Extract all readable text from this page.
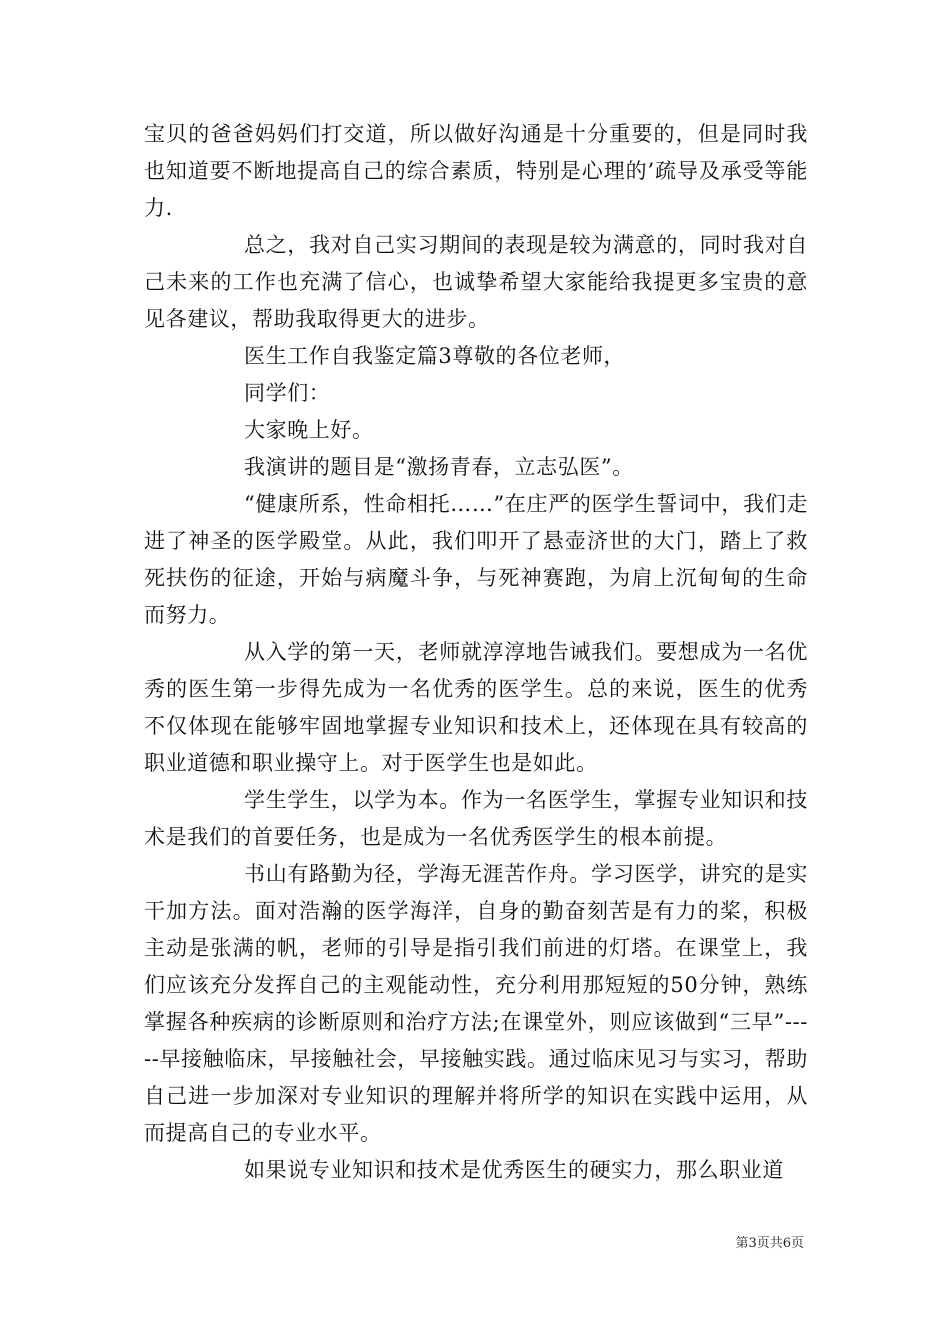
宝贝的爸爸妈妈们打交道，所以做好沟通是十分重要的，但是同时我也知道要不断地提高自己的综合素质，特别是心理的’疏导及承受等能力.

总之，我对自己实习期间的表现是较为满意的，同时我对自己未来的工作也充满了信心，也诚挚希望大家能给我提更多宝贵的意见各建议，帮助我取得更大的进步。

医生工作自我鉴定篇3尊敬的各位老师，

同学们：

大家晚上好。

我演讲的题目是“激扬青春，立志弘医”。

“健康所系，性命相托……”在庄严的医学生誓词中，我们走进了神圣的医学殿堂。从此，我们叩开了悬壶济世的大门，踏上了救死扶伤的征途，开始与病魔斗争，与死神赛跑，为肩上沉甸甸的生命而努力。

从入学的第一天，老师就淳淳地告诫我们。要想成为一名优秀的医生第一步得先成为一名优秀的医学生。总的来说，医生的优秀不仅体现在能够牢固地掌握专业知识和技术上，还体现在具有较高的职业道德和职业操守上。对于医学生也是如此。

学生学生，以学为本。作为一名医学生，掌握专业知识和技术是我们的首要任务，也是成为一名优秀医学生的根本前提。

书山有路勤为径，学海无涯苦作舟。学习医学，讲究的是实干加方法。面对浩瀚的医学海洋，自身的勤奋刻苦是有力的桨，积极主动是张满的帆，老师的引导是指引我们前进的灯塔。在课堂上，我们应该充分发挥自己的主观能动性，充分利用那短短的50分钟，熟练掌握各种疾病的诊断原则和治疗方法;在课堂外，则应该做到“三早”-----早接触临床，早接触社会，早接触实践。通过临床见习与实习，帮助自己进一步加深对专业知识的理解并将所学的知识在实践中运用，从而提高自己的专业水平。

如果说专业知识和技术是优秀医生的硬实力，那么职业道

第3页共6页
